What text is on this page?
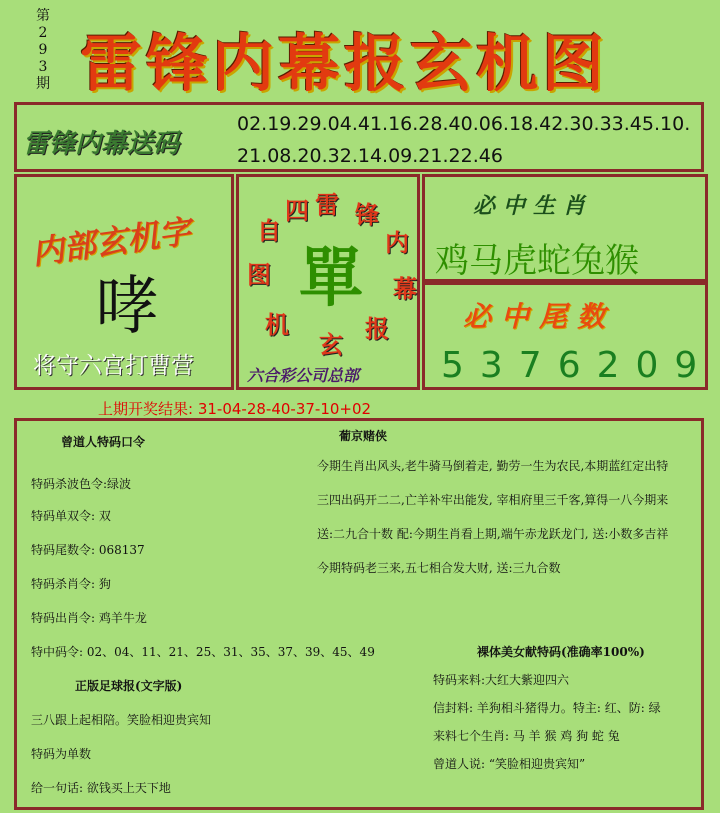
第
2
9
3
期 雷锋内幕报玄机图
雷锋内幕送码
02.19.29.04.41.16.28.40.06.18.42.30.33.45.10.
21.08.20.32.14.09.21.22.46
内部玄机字
哮
将守六宫打曹营
雷 锋
内
幕
报
玄
机
图
自
四
單
六合彩公司总部
必中生肖
鸡马虎蛇兔猴
必中尾数
5376209
上期开奖结果: 31-04-28-40-37-10+02
曾道人特码口令
特码杀波色令:绿波
特码单双令: 双
特码尾数令: 068137
特码杀肖令: 狗
特码出肖令: 鸡羊牛龙
特中码令: 02、04、11、21、25、31、35、37、39、45、49
正版足球报(文字版)
三八跟上起相陪。笑脸相迎贵宾知
特码为单数
给一句话: 欲钱买上天下地
葡京赌侠
今期生肖出风头,老牛骑马倒着走, 勤劳一生为农民,本期蓝红定出特
三四出码开二二,亡羊补牢出能发, 宰相府里三千客,算得一八今期来
送:二九合十数 配:今期生肖看上期,端午赤龙跃龙门, 送:小数多吉祥
今期特码老三来,五七相合发大财, 送:三九合数
裸体美女献特码(准确率100%)
特码来料:大红大紫迎四六
信封料: 羊狗相斗猪得力。特主: 红、防: 绿
来料七个生肖: 马 羊 猴 鸡 狗 蛇 兔
曾道人说: “笑脸相迎贵宾知”
